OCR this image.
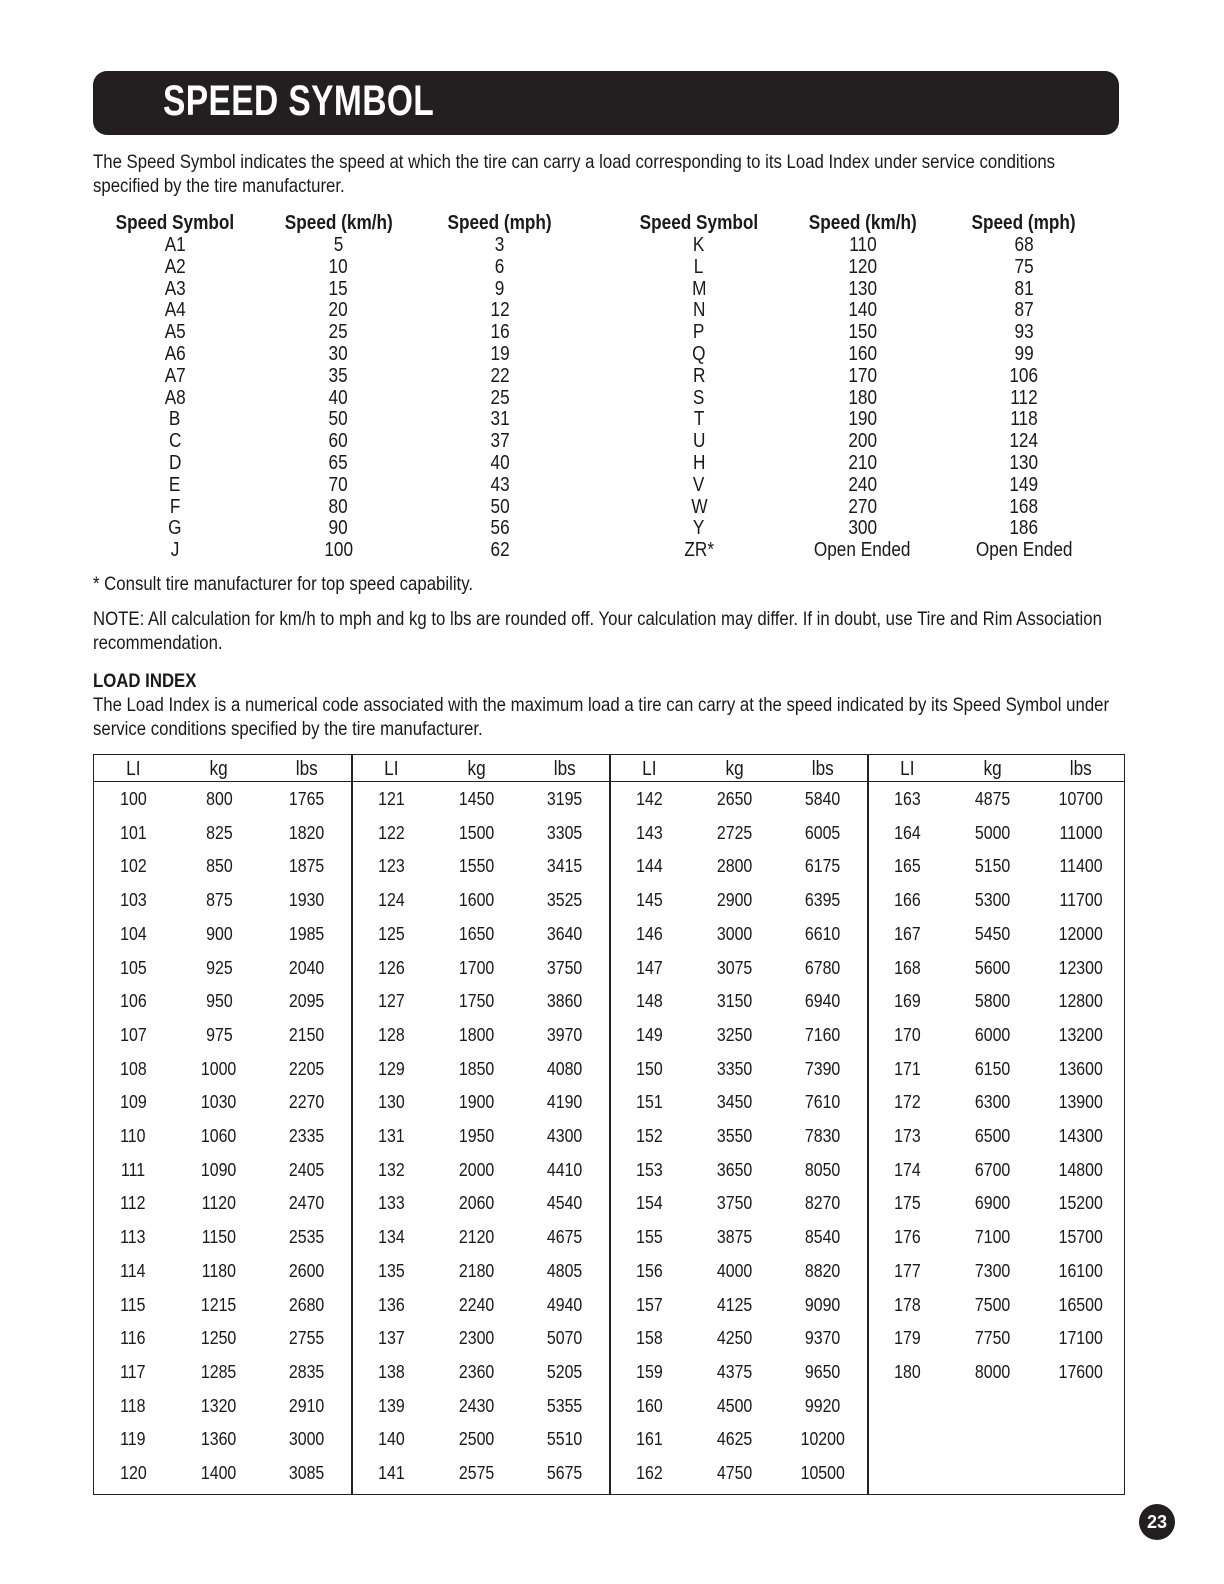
SPEED SYMBOL
The Speed Symbol indicates the speed at which the tire can carry a load corresponding to its Load Index under service conditions specified by the tire manufacturer.
Speed Symbol	Speed (km/h)	Speed (mph)
A1	5	3
A2	10	6
A3	15	9
A4	20	12
A5	25	16
A6	30	19
A7	35	22
A8	40	25
B	50	31
C	60	37
D	65	40
E	70	43
F	80	50
G	90	56
J	100	62
Speed Symbol	Speed (km/h)	Speed (mph)
K	110	68
L	120	75
M	130	81
N	140	87
P	150	93
Q	160	99
R	170	106
S	180	112
T	190	118
U	200	124
H	210	130
V	240	149
W	270	168
Y	300	186
ZR*	Open Ended	Open Ended
* Consult tire manufacturer for top speed capability.
NOTE: All calculation for km/h to mph and kg to lbs are rounded off. Your calculation may differ. If in doubt, use Tire and Rim Association recommendation.
LOAD INDEX
The Load Index is a numerical code associated with the maximum load a tire can carry at the speed indicated by its Speed Symbol under service conditions specified by the tire manufacturer.
LI	kg	lbs	LI	kg	lbs	LI	kg	lbs	LI	kg	lbs
100	800	1765
101	825	1820
102	850	1875
103	875	1930
104	900	1985
105	925	2040
106	950	2095
107	975	2150
108	1000	2205
109	1030	2270
110	1060	2335
111	1090	2405
112	1120	2470
113	1150	2535
114	1180	2600
115	1215	2680
116	1250	2755
117	1285	2835
118	1320	2910
119	1360	3000
120	1400	3085
121	1450	3195
122	1500	3305
123	1550	3415
124	1600	3525
125	1650	3640
126	1700	3750
127	1750	3860
128	1800	3970
129	1850	4080
130	1900	4190
131	1950	4300
132	2000	4410
133	2060	4540
134	2120	4675
135	2180	4805
136	2240	4940
137	2300	5070
138	2360	5205
139	2430	5355
140	2500	5510
141	2575	5675
142	2650	5840
143	2725	6005
144	2800	6175
145	2900	6395
146	3000	6610
147	3075	6780
148	3150	6940
149	3250	7160
150	3350	7390
151	3450	7610
152	3550	7830
153	3650	8050
154	3750	8270
155	3875	8540
156	4000	8820
157	4125	9090
158	4250	9370
159	4375	9650
160	4500	9920
161	4625	10200
162	4750	10500
163	4875	10700
164	5000	11000
165	5150	11400
166	5300	11700
167	5450	12000
168	5600	12300
169	5800	12800
170	6000	13200
171	6150	13600
172	6300	13900
173	6500	14300
174	6700	14800
175	6900	15200
176	7100	15700
177	7300	16100
178	7500	16500
179	7750	17100
180	8000	17600
23
